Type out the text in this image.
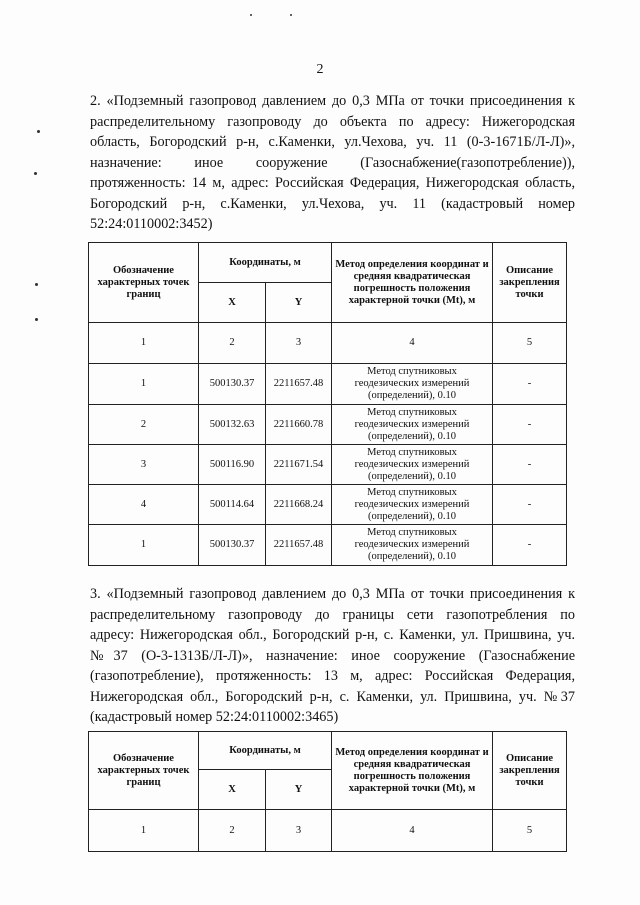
2

2. «Подземный газопровод давлением до 0,3 МПа от точки присоединения к
распределительному газопроводу до объекта по адресу: Нижегородская
область, Богородский р-н, с.Каменки, ул.Чехова, уч. 11 (0-3-1671Б/Л-Л)»,
назначение: иное сооружение (Газоснабжение(газопотребление)),
протяженность: 14 м, адрес: Российская Федерация, Нижегородская область,
Богородский р-н, с.Каменки, ул.Чехова, уч. 11 (кадастровый номер
52:24:0110002:3452)

Обозначение характерных точек границ	Координаты, м		Метод определения координат и средняя квадратическая погрешность положения характерной точки (Mt), м	Описание закрепления точки
	X	Y		
1	2	3	4	5
1	500130.37	2211657.48	Метод спутниковых геодезических измерений (определений), 0.10	-
2	500132.63	2211660.78	Метод спутниковых геодезических измерений (определений), 0.10	-
3	500116.90	2211671.54	Метод спутниковых геодезических измерений (определений), 0.10	-
4	500114.64	2211668.24	Метод спутниковых геодезических измерений (определений), 0.10	-
1	500130.37	2211657.48	Метод спутниковых геодезических измерений (определений), 0.10	-

3. «Подземный газопровод давлением до 0,3 МПа от точки присоединения к
распределительному газопроводу до границы сети газопотребления по
адресу: Нижегородская обл., Богородский р-н, с. Каменки, ул. Пришвина, уч.
№37 (О-3-1313Б/Л-Л)», назначение: иное сооружение (Газоснабжение
(газопотребление), протяженность: 13 м, адрес: Российская Федерация,
Нижегородская обл., Богородский р-н, с. Каменки, ул. Пришвина, уч. №37
(кадастровый номер 52:24:0110002:3465)

Обозначение характерных точек границ	Координаты, м		Метод определения координат и средняя квадратическая погрешность положения характерной точки (Mt), м	Описание закрепления точки
	X	Y		
1	2	3	4	5
